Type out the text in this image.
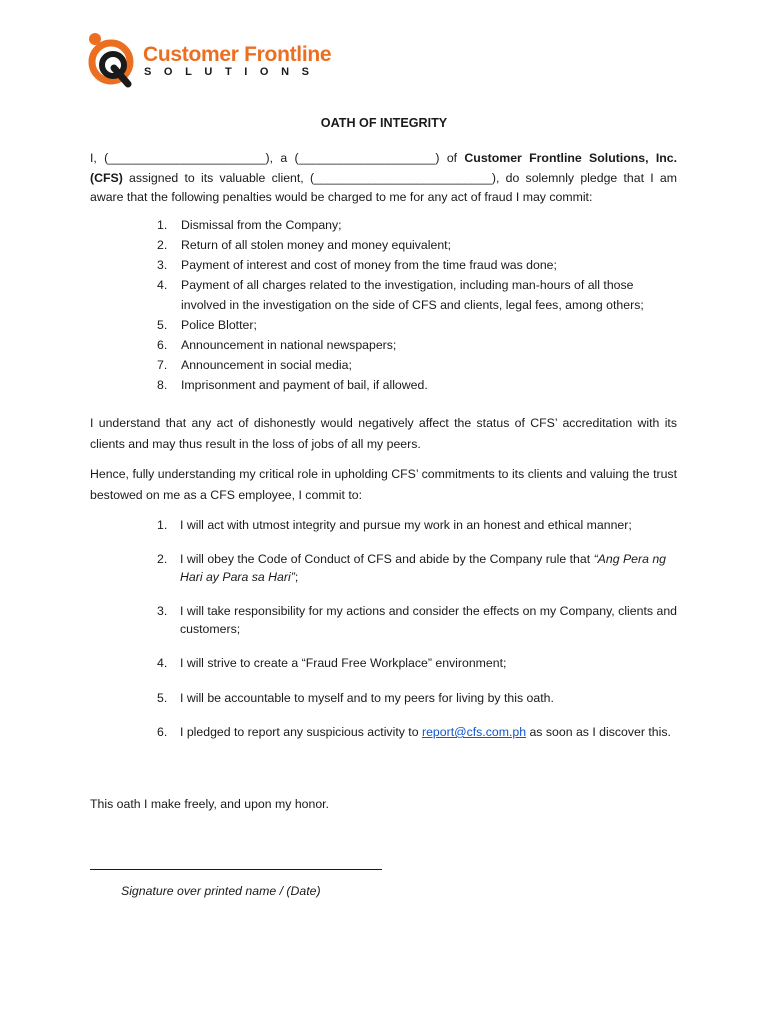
Customer Frontline
SOLUTIONS
OATH OF INTEGRITY

I, (_______________________), a (____________________) of Customer Frontline Solutions, Inc. (CFS) assigned to its valuable client, (__________________________), do solemnly pledge that I am aware that the following penalties would be charged to me for any act of fraud I may commit:

1. Dismissal from the Company;
2. Return of all stolen money and money equivalent;
3. Payment of interest and cost of money from the time fraud was done;
4. Payment of all charges related to the investigation, including man-hours of all those involved in the investigation on the side of CFS and clients, legal fees, among others;
5. Police Blotter;
6. Announcement in national newspapers;
7. Announcement in social media;
8. Imprisonment and payment of bail, if allowed.

I understand that any act of dishonestly would negatively affect the status of CFS’ accreditation with its clients and may thus result in the loss of jobs of all my peers.

Hence, fully understanding my critical role in upholding CFS’ commitments to its clients and valuing the trust bestowed on me as a CFS employee, I commit to:

1.	I will act with utmost integrity and pursue my work in an honest and ethical manner;
2.	I will obey the Code of Conduct of CFS and abide by the Company rule that “Ang Pera ng Hari ay Para sa Hari”;
3.	I will take responsibility for my actions and consider the effects on my Company, clients and customers;
4.	I will strive to create a “Fraud Free Workplace” environment;
5.	I will be accountable to myself and to my peers for living by this oath.
6.	I pledged to report any suspicious activity to report@cfs.com.ph as soon as I discover this.
This oath I make freely, and upon my honor.
Signature over printed name / (Date)
